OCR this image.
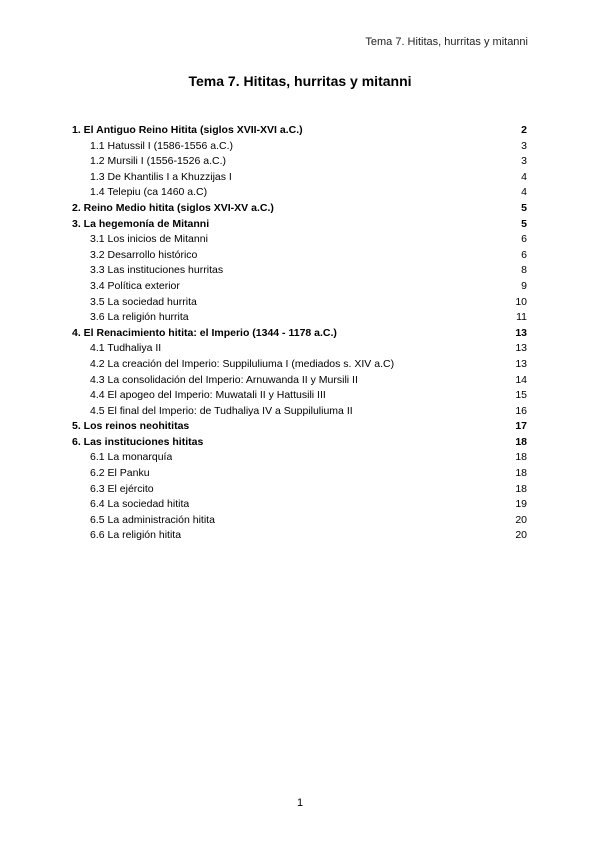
Tema 7. Hititas, hurritas y mitanni
Tema 7. Hititas, hurritas y mitanni
1. El Antiguo Reino Hitita (siglos XVII-XVI a.C.)	2
1.1 Hatussil I (1586-1556 a.C.)	3
1.2 Mursili I (1556-1526 a.C.)	3
1.3 De Khantilis I a Khuzzijas I	4
1.4 Telepiu (ca 1460 a.C)	4
2. Reino Medio hitita (siglos XVI-XV a.C.)	5
3. La hegemonía de Mitanni	5
3.1 Los inicios de Mitanni	6
3.2 Desarrollo histórico	6
3.3 Las instituciones hurritas	8
3.4 Política exterior	9
3.5 La sociedad hurrita	10
3.6 La religión hurrita	11
4. El Renacimiento hitita: el Imperio (1344 - 1178 a.C.)	13
4.1 Tudhaliya II	13
4.2 La creación del Imperio: Suppiluliuma I (mediados s. XIV a.C)	13
4.3 La consolidación del Imperio: Arnuwanda II y Mursili II	14
4.4 El apogeo del Imperio: Muwatali II y Hattusili III	15
4.5 El final del Imperio: de Tudhaliya IV a Suppiluliuma II	16
5. Los reinos neohititas	17
6. Las instituciones hititas	18
6.1 La monarquía	18
6.2 El Panku	18
6.3 El ejército	18
6.4 La sociedad hitita	19
6.5 La administración hitita	20
6.6 La religión hitita	20
1
